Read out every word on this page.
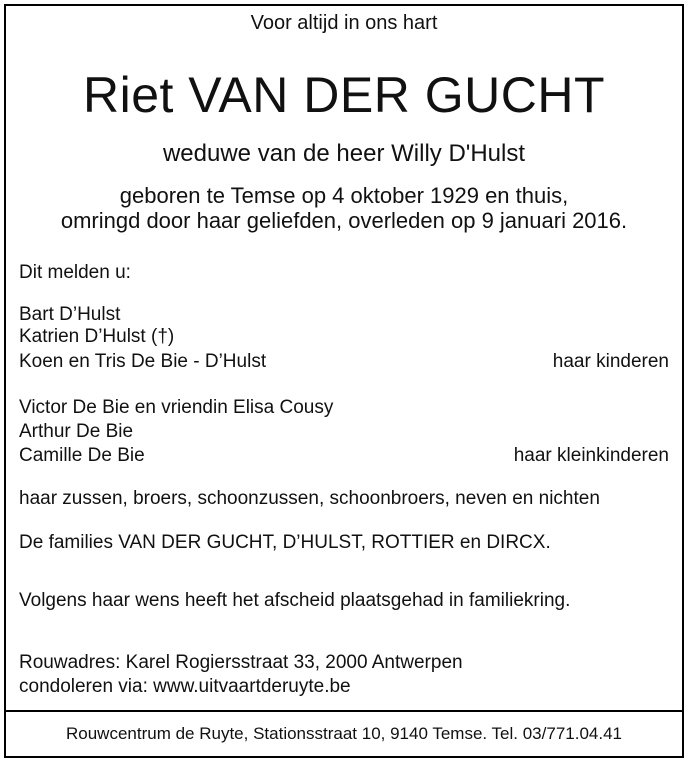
Voor altijd in ons hart
Riet VAN DER GUCHT
weduwe van de heer Willy D'Hulst
geboren te Temse op 4 oktober 1929 en thuis,
omringd door haar geliefden, overleden op 9 januari 2016.
Dit melden u:
Bart D’Hulst
Katrien D’Hulst (†)
Koen en Tris De Bie - D’Hulst	haar kinderen
Victor De Bie en vriendin Elisa Cousy
Arthur De Bie
Camille De Bie	haar kleinkinderen
haar zussen, broers, schoonzussen, schoonbroers, neven en nichten
De families VAN DER GUCHT, D’HULST, ROTTIER en DIRCX.
Volgens haar wens heeft het afscheid plaatsgehad in familiekring.
Rouwadres: Karel Rogiersstraat 33, 2000 Antwerpen
condoleren via: www.uitvaartderuyte.be
Rouwcentrum de Ruyte, Stationsstraat 10, 9140 Temse. Tel. 03/771.04.41
